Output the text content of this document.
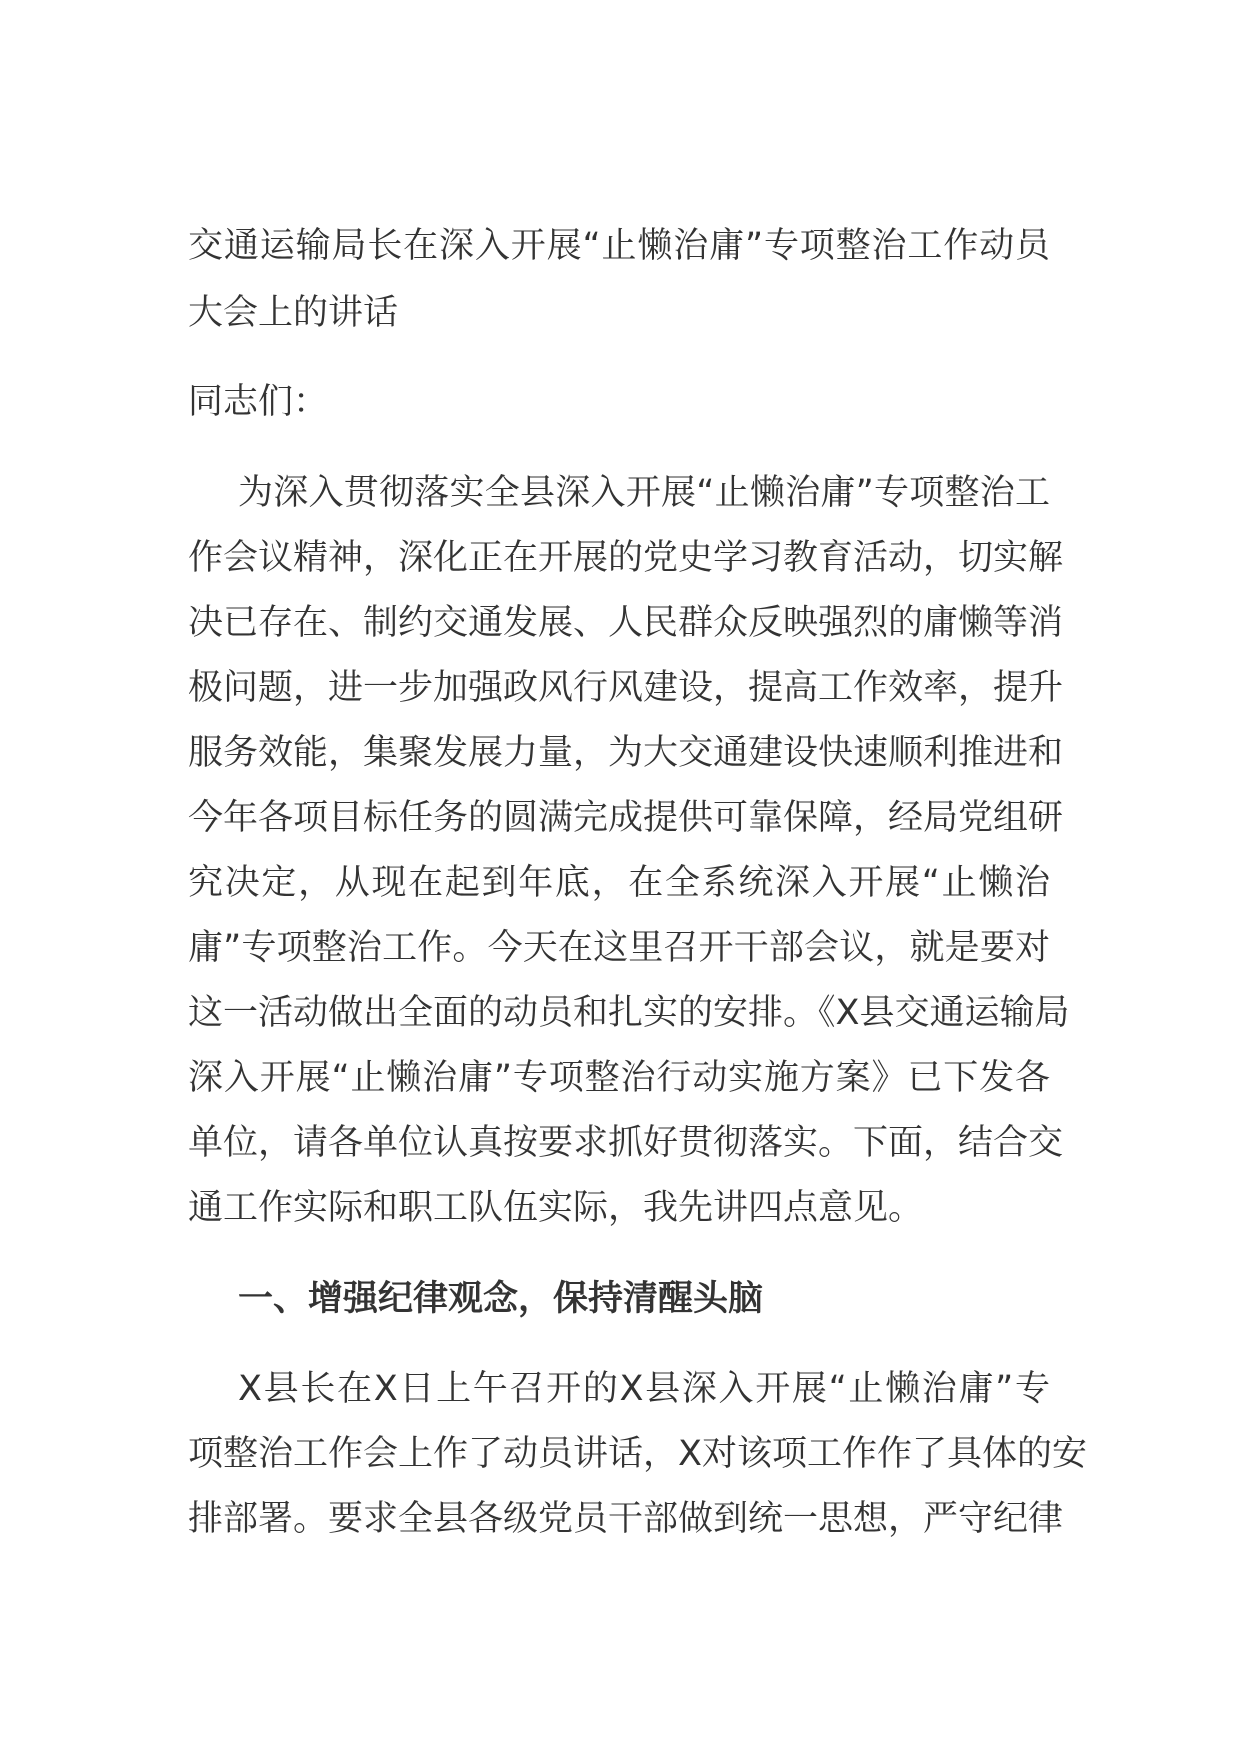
交通运输局长在深入开展“止懒治庸”专项整治工作动员
大会上的讲话
同志们：
为深入贯彻落实全县深入开展“止懒治庸”专项整治工
作会议精神，深化正在开展的党史学习教育活动，切实解
决已存在、制约交通发展、人民群众反映强烈的庸懒等消
极问题，进一步加强政风行风建设，提高工作效率，提升
服务效能，集聚发展力量，为大交通建设快速顺利推进和
今年各项目标任务的圆满完成提供可靠保障，经局党组研
究决定，从现在起到年底，在全系统深入开展“止懒治
庸”专项整治工作。今天在这里召开干部会议，就是要对
这一活动做出全面的动员和扎实的安排。《X县交通运输局
深入开展“止懒治庸”专项整治行动实施方案》已下发各
单位，请各单位认真按要求抓好贯彻落实。下面，结合交
通工作实际和职工队伍实际，我先讲四点意见。
一、增强纪律观念，保持清醒头脑
X县长在X日上午召开的X县深入开展“止懒治庸”专
项整治工作会上作了动员讲话，X对该项工作作了具体的安
排部署。要求全县各级党员干部做到统一思想，严守纪律
